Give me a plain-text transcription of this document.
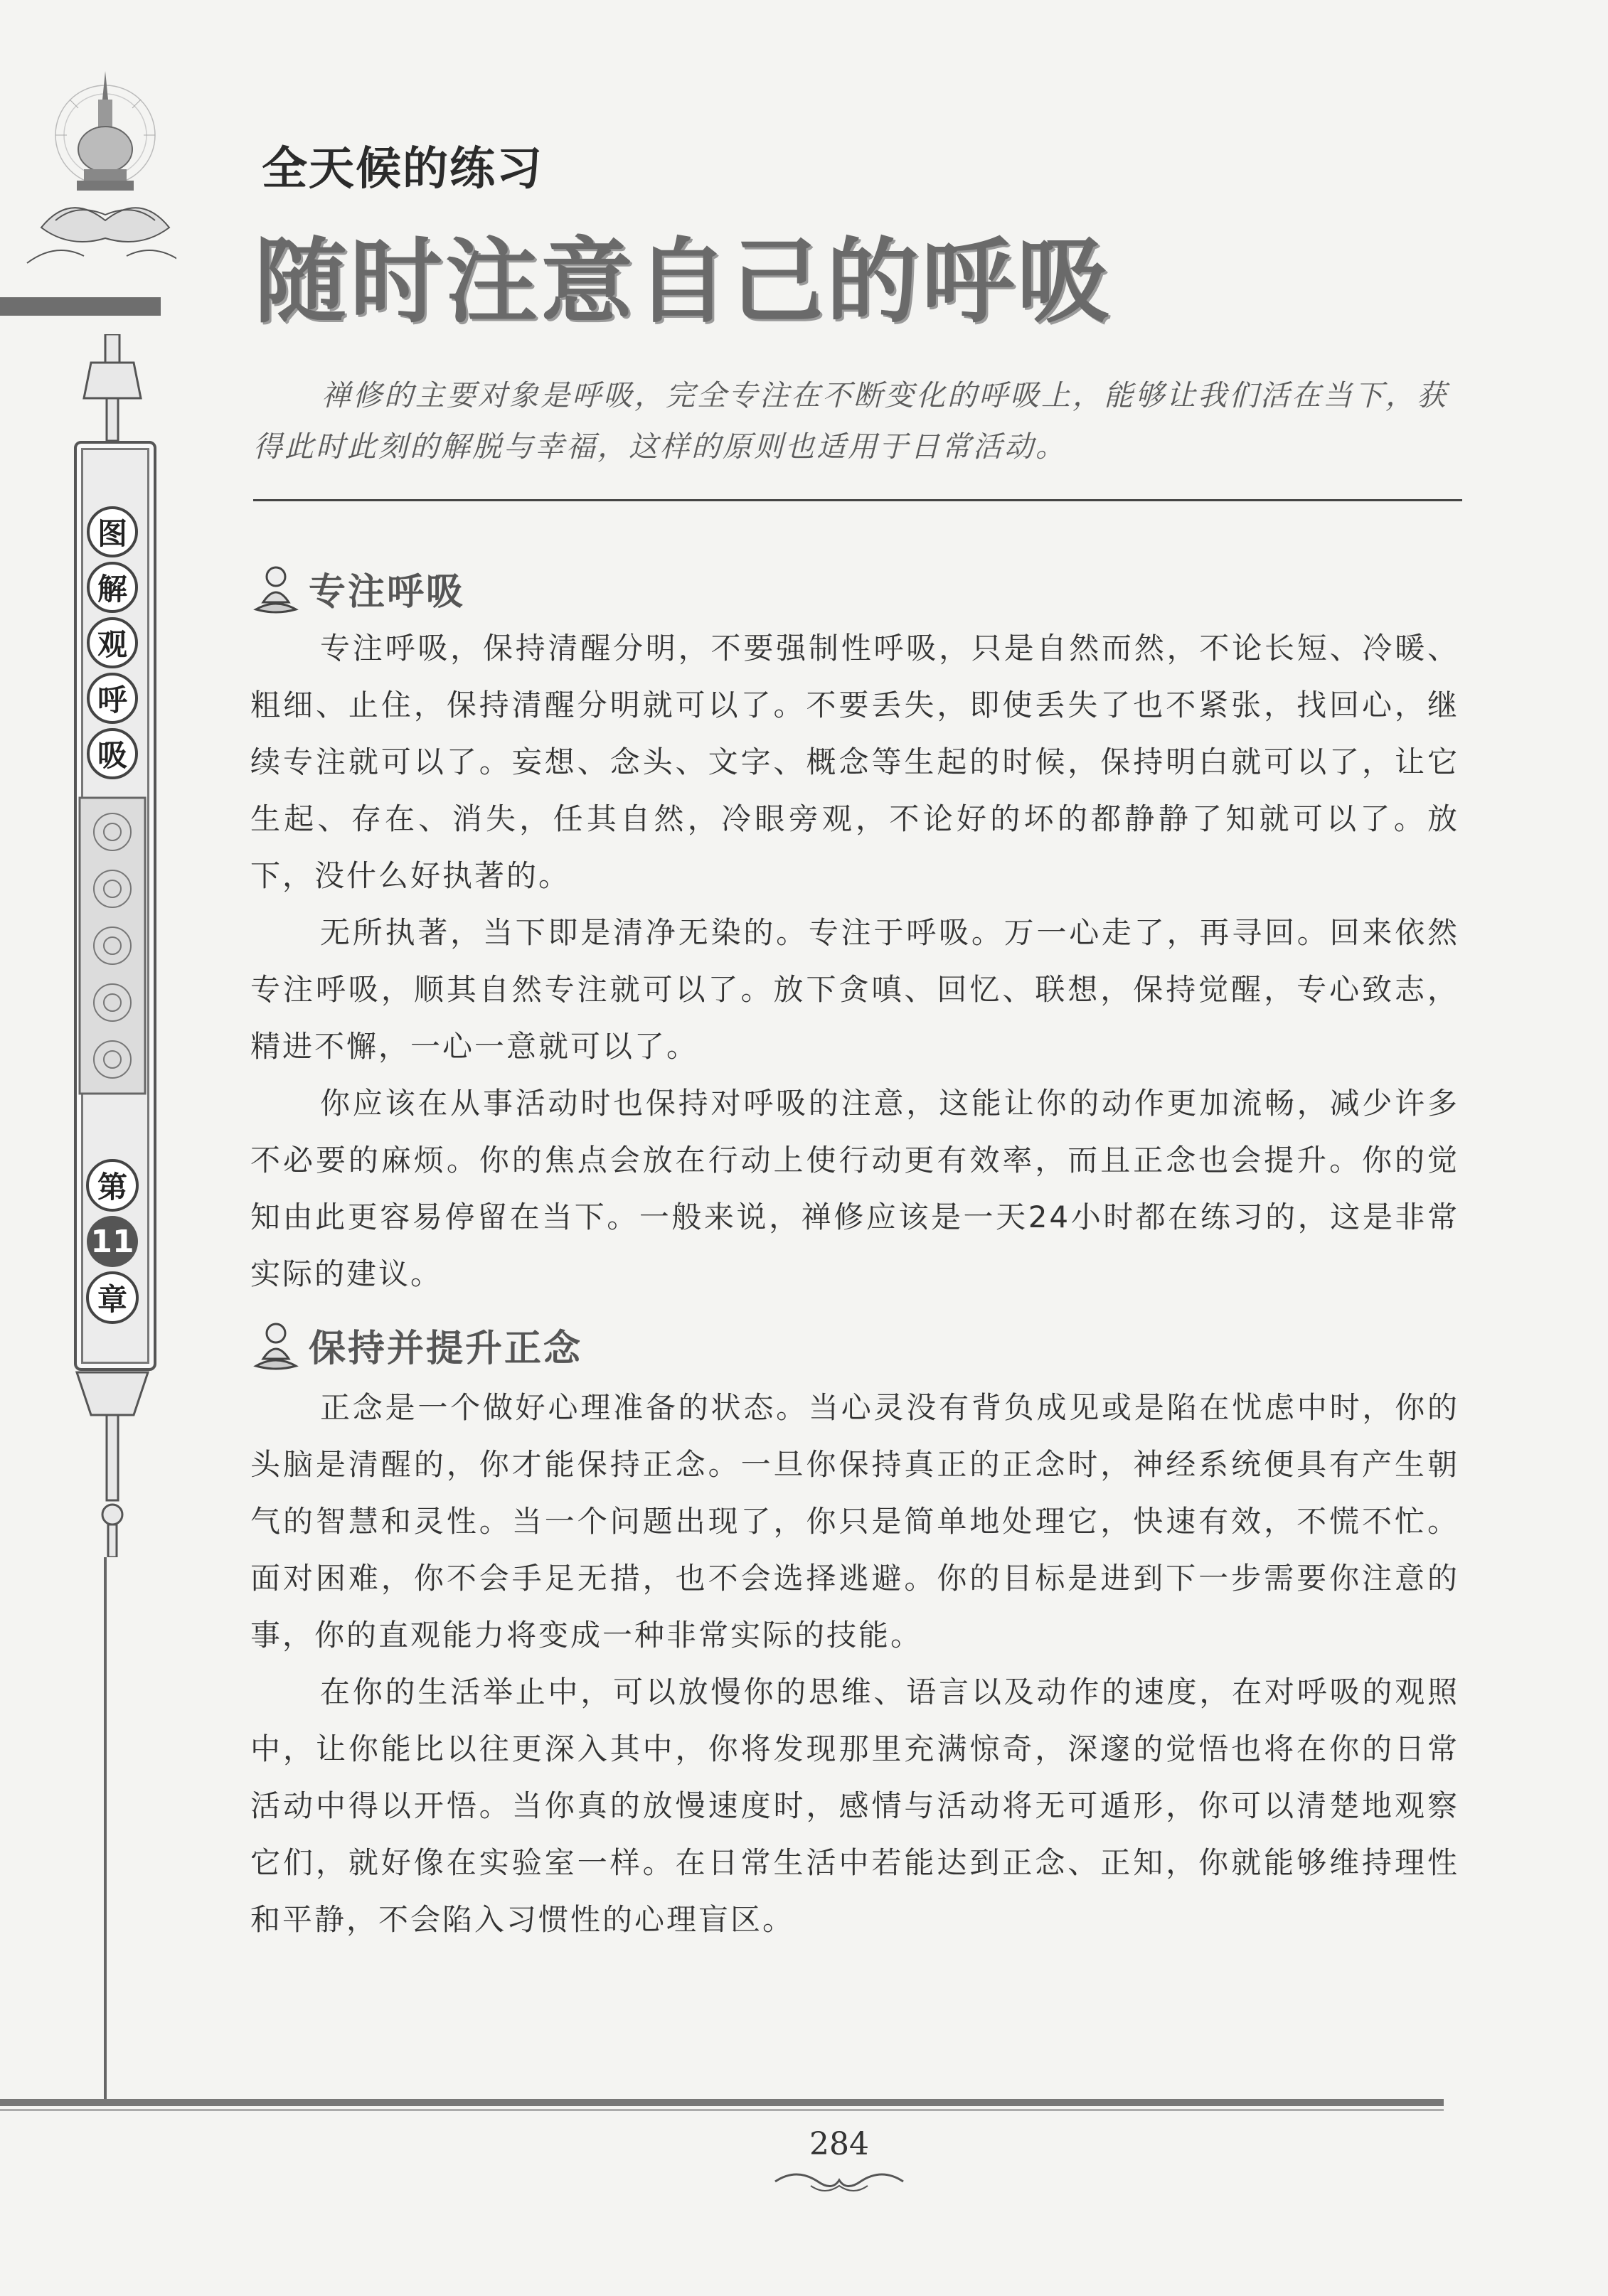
图
解
观
呼
吸
第
11
章
全天候的练习
随时注意自己的呼吸
禅修的主要对象是呼吸，完全专注在不断变化的呼吸上，能够让我们活在当下，获得此时此刻的解脱与幸福，这样的原则也适用于日常活动。
专注呼吸

专注呼吸，保持清醒分明，不要强制性呼吸，只是自然而然，不论长短、冷暖、粗细、止住，保持清醒分明就可以了。不要丢失，即使丢失了也不紧张，找回心，继续专注就可以了。妄想、念头、文字、概念等生起的时候，保持明白就可以了，让它生起、存在、消失，任其自然，冷眼旁观，不论好的坏的都静静了知就可以了。放下，没什么好执著的。

无所执著，当下即是清净无染的。专注于呼吸。万一心走了，再寻回。回来依然专注呼吸，顺其自然专注就可以了。放下贪嗔、回忆、联想，保持觉醒，专心致志，精进不懈，一心一意就可以了。

你应该在从事活动时也保持对呼吸的注意，这能让你的动作更加流畅，减少许多不必要的麻烦。你的焦点会放在行动上使行动更有效率，而且正念也会提升。你的觉知由此更容易停留在当下。一般来说，禅修应该是一天24小时都在练习的，这是非常实际的建议。

保持并提升正念

正念是一个做好心理准备的状态。当心灵没有背负成见或是陷在忧虑中时，你的头脑是清醒的，你才能保持正念。一旦你保持真正的正念时，神经系统便具有产生朝气的智慧和灵性。当一个问题出现了，你只是简单地处理它，快速有效，不慌不忙。面对困难，你不会手足无措，也不会选择逃避。你的目标是进到下一步需要你注意的事，你的直观能力将变成一种非常实际的技能。

在你的生活举止中，可以放慢你的思维、语言以及动作的速度，在对呼吸的观照中，让你能比以往更深入其中，你将发现那里充满惊奇，深邃的觉悟也将在你的日常活动中得以开悟。当你真的放慢速度时，感情与活动将无可遁形，你可以清楚地观察它们，就好像在实验室一样。在日常生活中若能达到正念、正知，你就能够维持理性和平静，不会陷入习惯性的心理盲区。

284
